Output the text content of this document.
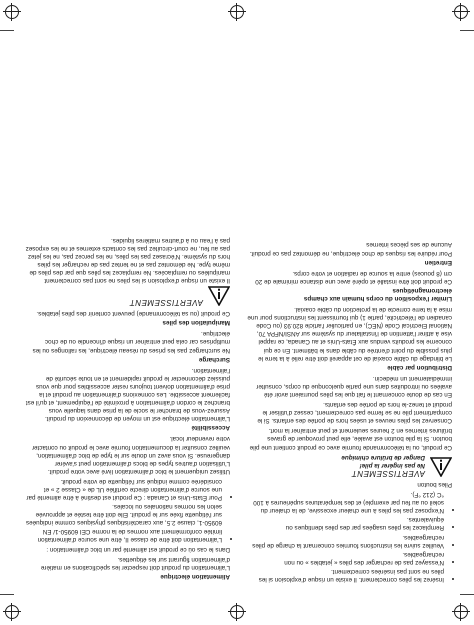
• Insérez les piles correctement. Il existe un risque d'explosion si les piles ne sont pas insérées correctement.
• N'essayez pas de recharger des piles « jetables » ou non rechargeables.
• Veuillez suivre les instructions fournies concernant la charge de piles rechargeables.
• Remplacez les piles usagées par des piles identiques ou équivalentes.
• N'exposez pas les piles à une chaleur excessive, de la chaleur du soleil ou au feu par exemple) et des températures supérieures à 100 °C (212 °F).

Piles bouton

AVERTISSEMENT
Ne pas ingérer la pile!
Danger de brûlure chimique

Ce produit, ou la télécommande fournie avec ce produit contient une pile bouton. Si la pile bouton est avalée, elle peut provoquer de graves brûlures internes en 2 heures seulement et peut entraîner la mort.

Conservez les piles neuves et usées hors de portée des enfants. Si le compartiment pile ne se ferme pas correctement, cessez d'utiliser le produit et tenez-le hors de portée des enfants.

En cas de doute concernant le fait que les piles pourraient avoir été avalées ou introduites dans une partie quelconque du corps, consulter immédiatement un médecin.

Distribution par câble

Le blindage du câble coaxial de cet appareil doit être relié à la terre le plus possible du point d'entrée du câble dans le bâtiment. En ce qui concerne les produits vendus aux États-Unis et au Canada, ce rappel vise à attirer l'attention de l'installateur du système sur ANSI/NFPA 70, National Electrical Code (NEC), en particulier l'article 820.93 (ou Code canadien de l'électricité, partie 1) qui fournissent les instructions pour une mise à la terre correcte de la protection du câble coaxial.

Limiter l'exposition du corps humain aux champs électromagnétiques

Ce produit doit être installé et opéré avec une distance minimale de 20 cm (8 pouces) entre la source de radiation et votre corps.

Entretien

Pour réduire les risques de choc électrique, ne démontez pas ce produit. Aucune de ses pièces internes

Alimentation électrique

L'alimentation du produit doit respecter les spécifications en matière d'alimentation figurant sur les étiquettes.

Dans le cas où ce produit est alimenté par un bloc d'alimentation :

• L'alimentation doit être de classe II, être une source d'alimentation limitée conformément aux normes de la norme CEI 60950-1/ EN 60950-1, clause 2.5, aux caractéristiques physiques comme indiquées sur l'étiquette fixée sur le produit. Elle doit être testée et approuvée selon les normes nationales ou locales.
• Pour États-Unis et Canada : Ce produit est destiné à être alimenté par une source d'alimentation directe certifiée UL de « Classe 2 » et considérée comme indiqué sur l'étiquette de votre produit.

Utilisez uniquement le bloc d'alimentation livré avec votre produit. L'utilisation d'autres types de blocs d'alimentation peut s'avérer dangereuse. Si vous avez un doute sur le type de bloc d'alimentation, veuillez consulter la documentation fournie avec le produit ou contacter votre revendeur local.

Accessibilité

L'alimentation électrique est un moyen de déconnexion du produit. Assurez-vous de brancher le socle de la prise dans laquelle vous branchez le cordon d'alimentation à proximité de l'équipement, et qu'il est facilement accessible. Les connexions d'alimentation au produit et la prise d'alimentation doivent toujours rester accessibles pour que vous puissiez déconnecter le produit rapidement et en toute sécurité de l'alimentation.

Surcharge

Ne surchargez pas les prises du réseau électrique, les rallonges ou les multiprises car cela peut entraîner un risque d'incendie ou de choc électrique.

Manipulation des piles

Ce produit (ou sa télécommande) peuvent contenir des piles jetables.

AVERTISSEMENT

Il existe un risque d'explosion si les piles ne sont pas correctement manipulées ou remplacées. Ne remplacez les piles que par des piles de même type. Ne démontez pas et ne tentez pas de recharger les piles hors du système. N'écrasez pas les piles, ne les percez pas, ne les jetez pas au feu, ne court-circuitez pas les contacts externes et ne les exposez pas à l'eau ou à d'autres matières liquides.
